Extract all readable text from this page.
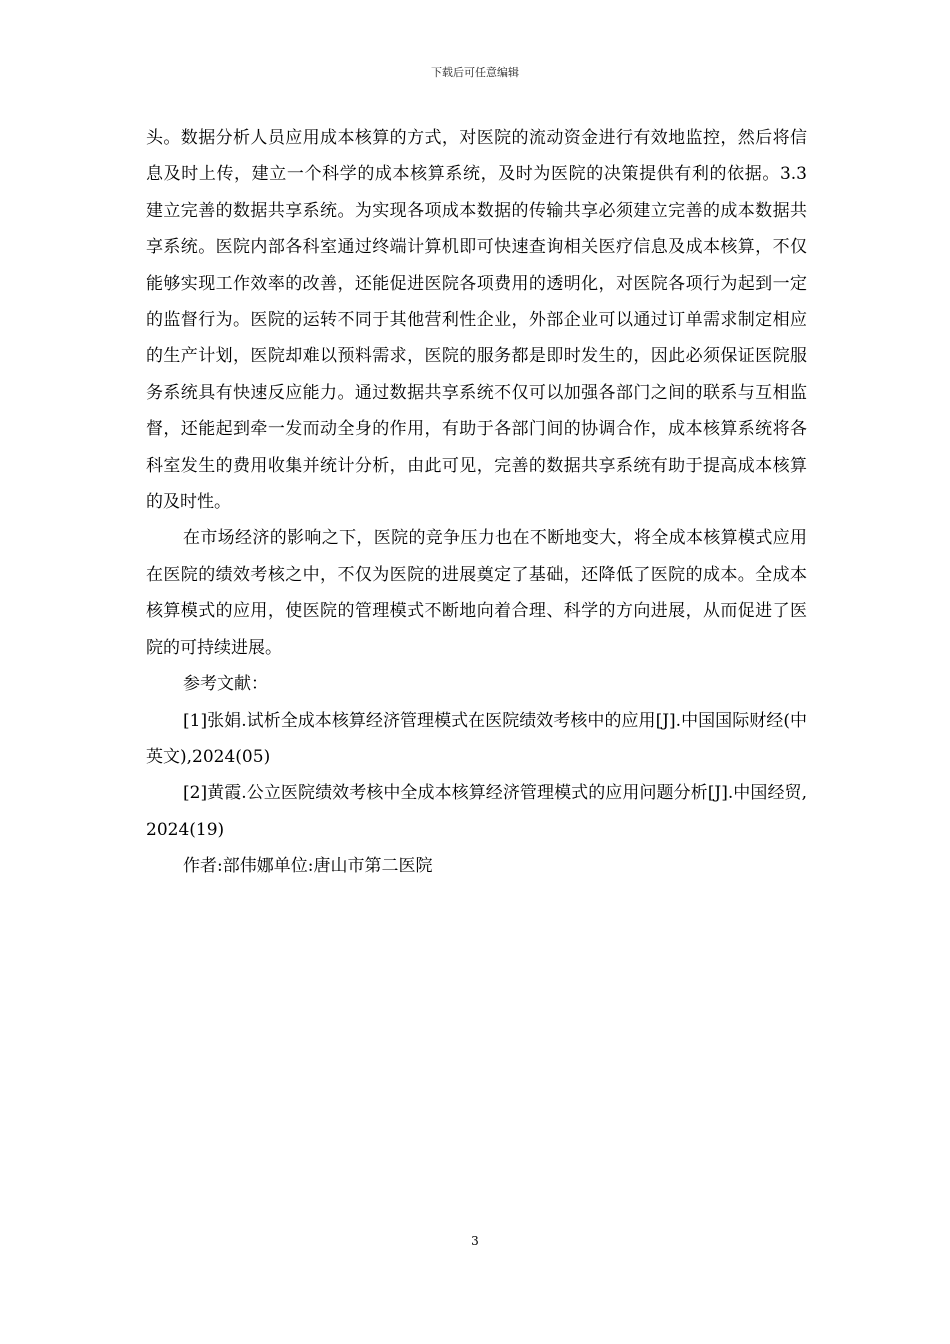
下载后可任意编辑

头。数据分析人员应用成本核算的方式，对医院的流动资金进行有效地监控，然后将信息及时上传，建立一个科学的成本核算系统，及时为医院的决策提供有利的依据。3.3 建立完善的数据共享系统。为实现各项成本数据的传输共享必须建立完善的成本数据共享系统。医院内部各科室通过终端计算机即可快速查询相关医疗信息及成本核算，不仅能够实现工作效率的改善，还能促进医院各项费用的透明化，对医院各项行为起到一定的监督行为。医院的运转不同于其他营利性企业，外部企业可以通过订单需求制定相应的生产计划，医院却难以预料需求，医院的服务都是即时发生的，因此必须保证医院服务系统具有快速反应能力。通过数据共享系统不仅可以加强各部门之间的联系与互相监督，还能起到牵一发而动全身的作用，有助于各部门间的协调合作，成本核算系统将各科室发生的费用收集并统计分析，由此可见，完善的数据共享系统有助于提高成本核算的及时性。

在市场经济的影响之下，医院的竞争压力也在不断地变大，将全成本核算模式应用在医院的绩效考核之中，不仅为医院的进展奠定了基础，还降低了医院的成本。全成本核算模式的应用，使医院的管理模式不断地向着合理、科学的方向进展，从而促进了医院的可持续进展。

参考文献：

[1]张娟.试析全成本核算经济管理模式在医院绩效考核中的应用[J].中国国际财经(中英文),2024(05)

[2]黄霞.公立医院绩效考核中全成本核算经济管理模式的应用问题分析[J].中国经贸,2024(19)

作者:部伟娜单位:唐山市第二医院

3
